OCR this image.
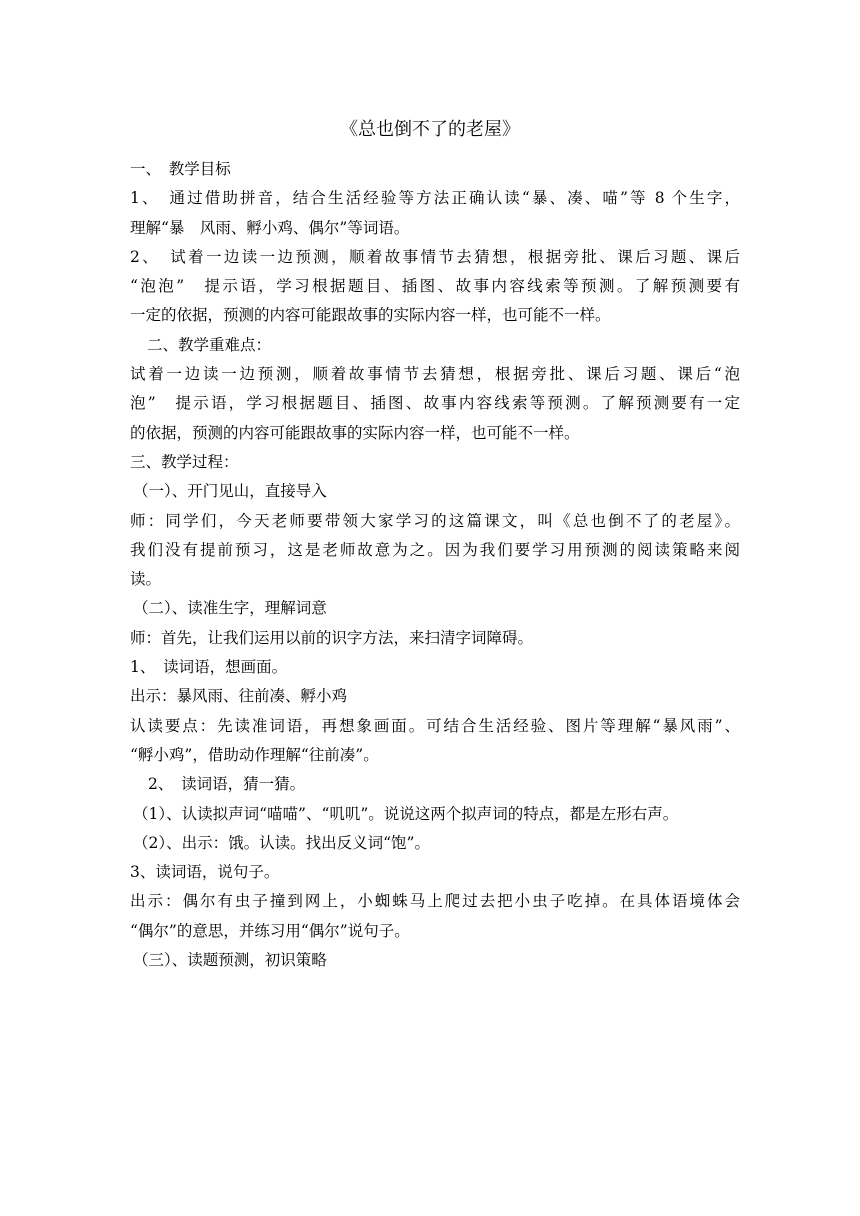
《总也倒不了的老屋》
一、　教学目标
1、　通过借助拼音，结合生活经验等方法正确认读“暴、凑、喵”等 8 个生字，
理解“暴　风雨、孵小鸡、偶尔”等词语。
2、　试着一边读一边预测，顺着故事情节去猜想，根据旁批、课后习题、课后
“泡泡”　提示语，学习根据题目、插图、故事内容线索等预测。了解预测要有
一定的依据，预测的内容可能跟故事的实际内容一样，也可能不一样。
二、教学重难点：
试着一边读一边预测，顺着故事情节去猜想，根据旁批、课后习题、课后“泡
泡”　提示语，学习根据题目、插图、故事内容线索等预测。了解预测要有一定
的依据，预测的内容可能跟故事的实际内容一样，也可能不一样。
三、教学过程：
（一）、开门见山，直接导入
师：同学们，今天老师要带领大家学习的这篇课文，叫《总也倒不了的老屋》。
我们没有提前预习，这是老师故意为之。因为我们要学习用预测的阅读策略来阅
读。
（二）、读准生字，理解词意
师：首先，让我们运用以前的识字方法，来扫清字词障碍。
1、　读词语，想画面。
出示：暴风雨、往前凑、孵小鸡
认读要点：先读准词语，再想象画面。可结合生活经验、图片等理解“暴风雨”、
“孵小鸡”，借助动作理解“往前凑”。
2、　读词语，猜一猜。
（1）、认读拟声词“喵喵”、“叽叽”。说说这两个拟声词的特点，都是左形右声。
（2）、出示：饿。认读。找出反义词“饱”。
3、读词语，说句子。
出示：偶尔有虫子撞到网上，小蜘蛛马上爬过去把小虫子吃掉。在具体语境体会
“偶尔”的意思，并练习用“偶尔”说句子。
（三）、读题预测，初识策略
